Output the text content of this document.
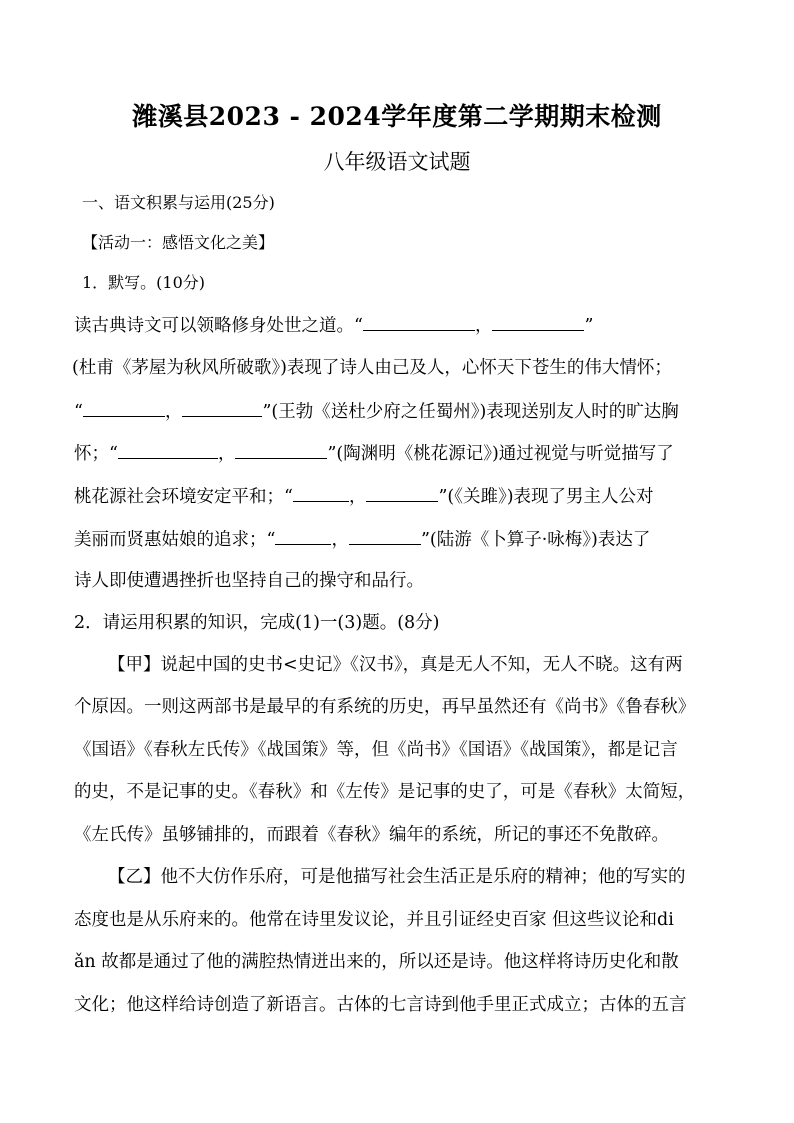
潍溪县2023 - 2024学年度第二学期期末检测
八年级语文试题
一、语文积累与运用(25分)
【活动一：感悟文化之美】
1．默写。(10分)
读古典诗文可以领略修身处世之道。“	，	”
(杜甫《茅屋为秋风所破歌》)表现了诗人由己及人，心怀天下苍生的伟大情怀；
“	，	”(王勃《送杜少府之任蜀州》)表现送别友人时的旷达胸
怀；“	，	”(陶渊明《桃花源记》)通过视觉与听觉描写了
桃花源社会环境安定平和；“	，	”(《关雎》)表现了男主人公对
美丽而贤惠姑娘的追求；“	，	”(陆游《卜算子·咏梅》)表达了
诗人即使遭遇挫折也坚持自己的操守和品行。
2．请运用积累的知识，完成(1)一(3)题。(8分)
【甲】说起中国的史书<史记》《汉书》，真是无人不知，无人不晓。这有两
个原因。一则这两部书是最早的有系统的历史，再早虽然还有《尚书》《鲁春秋》
《国语》《春秋左氏传》《战国策》等，但《尚书》《国语》《战国策》，都是记言
的史，不是记事的史。《春秋》和《左传》是记事的史了，可是《春秋》太简短，
《左氏传》虽够铺排的，而跟着《春秋》编年的系统，所记的事还不免散碎。
【乙】他不大仿作乐府，可是他描写社会生活正是乐府的精神；他的写实的
态度也是从乐府来的。他常在诗里发议论，并且引证经史百家 但这些议论和di
ǎn 故都是通过了他的满腔热情迸出来的，所以还是诗。他这样将诗历史化和散
文化；他这样给诗创造了新语言。古体的七言诗到他手里正式成立；古体的五言
